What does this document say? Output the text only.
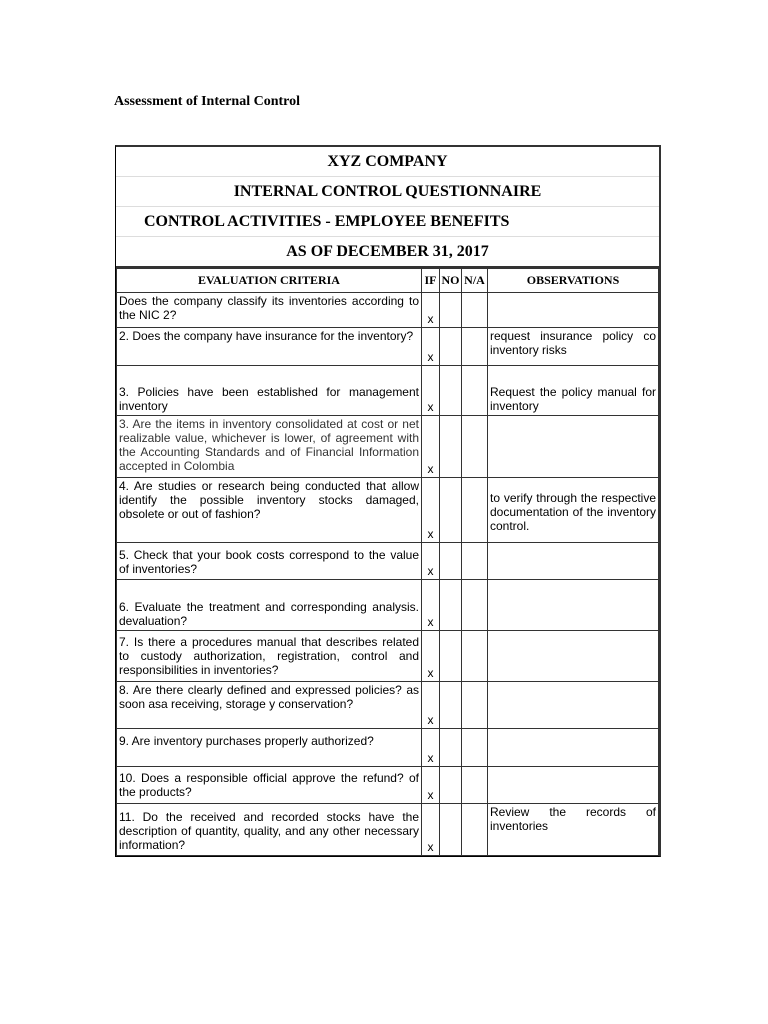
Assessment of Internal Control
XYZ COMPANY
INTERNAL CONTROL QUESTIONNAIRE
CONTROL ACTIVITIES - EMPLOYEE BENEFITS
AS OF DECEMBER 31, 2017
EVALUATION CRITERIA	IF	NO	N/A	OBSERVATIONS
Does the company classify its inventories according to the NIC 2?	x			
2. Does the company have insurance for the inventory?	x			request insurance policy co inventory risks
3. Policies have been established for management inventory	x			Request the policy manual for inventory
3. Are the items in inventory consolidated at cost or net realizable value, whichever is lower, of agreement with the Accounting Standards and of Financial Information accepted in Colombia	x			
4. Are studies or research being conducted that allow identify the possible inventory stocks damaged, obsolete or out of fashion?	x			to verify through the respective documentation of the inventory control.
5. Check that your book costs correspond to the value of inventories?	x			
6. Evaluate the treatment and corresponding analysis. devaluation?	x			
7. Is there a procedures manual that describes related to custody authorization, registration, control and responsibilities in inventories?	x			
8. Are there clearly defined and expressed policies? as soon asa receiving, storage y conservation?	x			
9. Are inventory purchases properly authorized?	x			
10. Does a responsible official approve the refund? of the products?	x			
11. Do the received and recorded stocks have the description of quantity, quality, and any other necessary information?	x			Review the records of inventories
